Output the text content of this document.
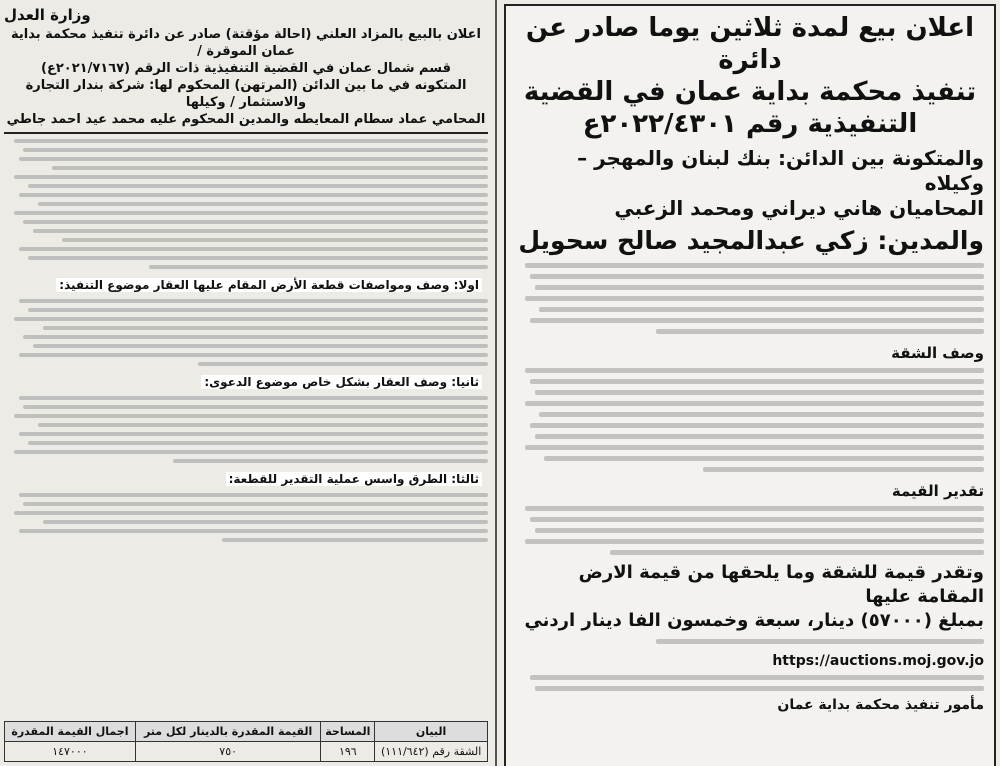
وزارة العدل
اعلان بالبيع بالمزاد العلني (احالة مؤقتة) صادر عن دائرة تنفيذ محكمة بداية عمان الموقرة /
قسم شمال عمان في القضية التنفيذية ذات الرقم (٢٠٢١/٧١٦٧ع)
المتكونه في ما بين الدائن (المرتهن) المحكوم لها: شركة بندار التجارة والاستثمار / وكيلها
المحامي عماد سطام المعايطه والمدين المحكوم عليه محمد عيد احمد جاطي
اولا: وصف ومواصفات قطعة الأرض المقام عليها العقار موضوع التنفيذ:
ثانيا: وصف العقار بشكل خاص موضوع الدعوى:
ثالثا: الطرق واسس عملية التقدير للقطعة:
البيان	المساحة	القيمة المقدرة بالدينار لكل متر	اجمال القيمة المقدرة
الشقة رقم (١١١/٦٤٢)	١٩٦	٧٥٠	١٤٧٠٠٠
اعلان بيع لمدة ثلاثين يوما صادر عن دائرة
تنفيذ محكمة بداية عمان في القضية
التنفيذية رقم ٢٠٢٢/٤٣٠١ع
والمتكونة بين الدائن: بنك لبنان والمهجر – وكيلاه
المحاميان هاني ديراني ومحمد الزعبي
والمدين: زكي عبدالمجيد صالح سحويل
وصف الشقة
تقدير القيمة
وتقدر قيمة للشقة وما يلحقها من قيمة الارض المقامة عليها
بمبلغ (٥٧٠٠٠) دينار، سبعة وخمسون الفا دينار اردني
https://auctions.moj.gov.jo
مأمور تنفيذ محكمة بداية عمان
